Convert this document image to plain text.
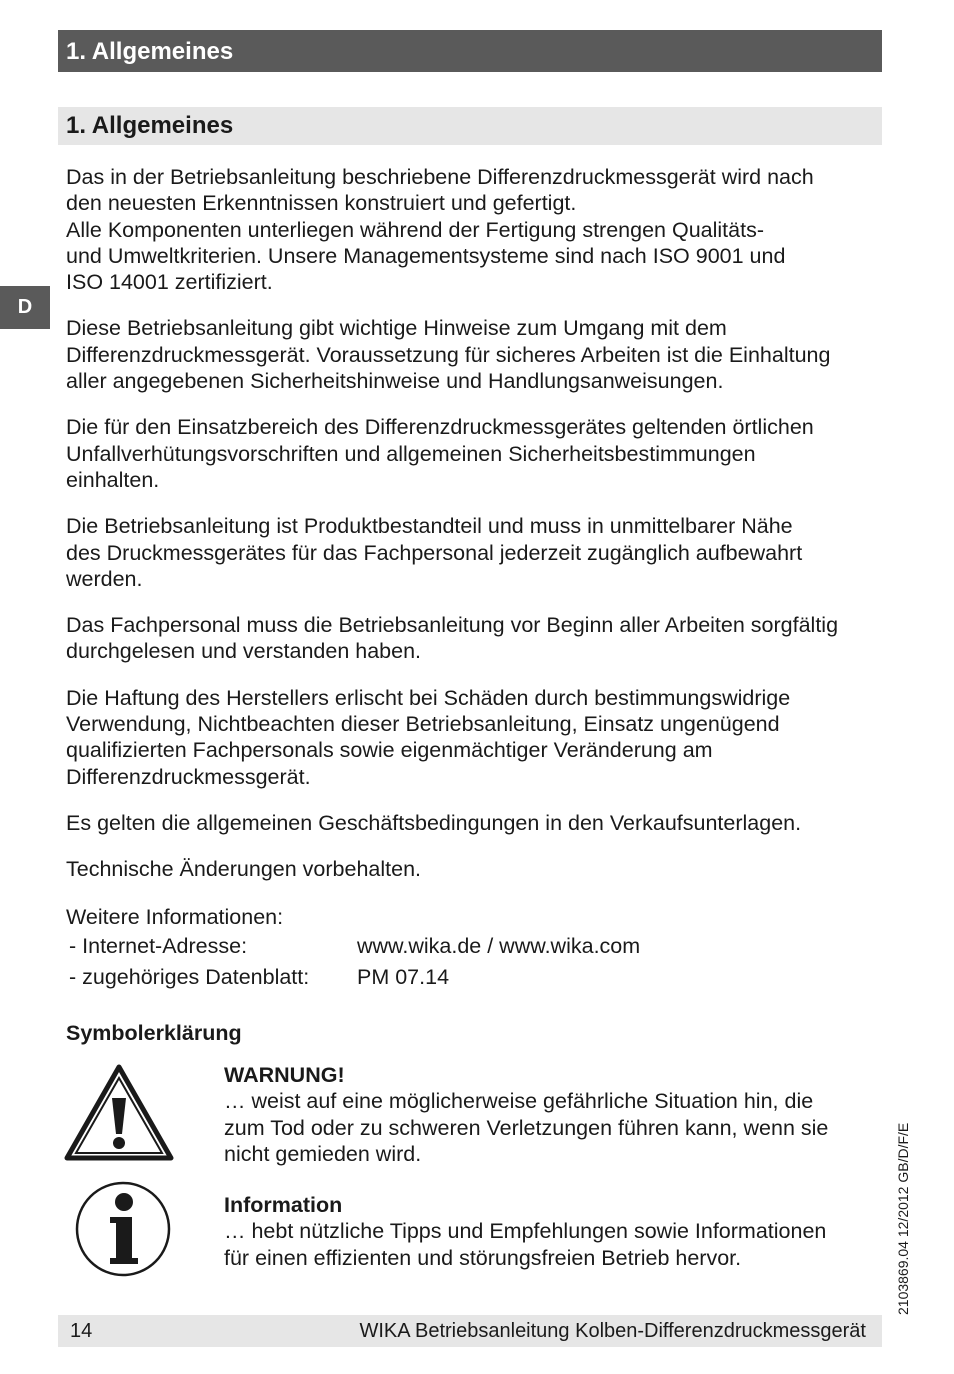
1. Allgemeines
1. Allgemeines
D

Das in der Betriebsanleitung beschriebene Differenzdruckmessgerät wird nach
den neuesten Erkenntnissen konstruiert und gefertigt.
Alle Komponenten unterliegen während der Fertigung strengen Qualitäts-
und Umweltkriterien. Unsere Managementsysteme sind nach ISO 9001 und
ISO 14001 zertifiziert.

Diese Betriebsanleitung gibt wichtige Hinweise zum Umgang mit dem
Differenzdruckmessgerät. Voraussetzung für sicheres Arbeiten ist die Einhaltung
aller angegebenen Sicherheitshinweise und Handlungsanweisungen.

Die für den Einsatzbereich des Differenzdruckmessgerätes geltenden örtlichen
Unfallverhütungsvorschriften und allgemeinen Sicherheitsbestimmungen
einhalten.

Die Betriebsanleitung ist Produktbestandteil und muss in unmittelbarer Nähe
des Druckmessgerätes für das Fachpersonal jederzeit zugänglich aufbewahrt
werden.

Das Fachpersonal muss die Betriebsanleitung vor Beginn aller Arbeiten sorgfältig
durchgelesen und verstanden haben.

Die Haftung des Herstellers erlischt bei Schäden durch bestimmungswidrige
Verwendung, Nichtbeachten dieser Betriebsanleitung, Einsatz ungenügend
qualifizierten Fachpersonals sowie eigenmächtiger Veränderung am
Differenzdruckmessgerät.

Es gelten die allgemeinen Geschäftsbedingungen in den Verkaufsunterlagen.

Technische Änderungen vorbehalten.

Weitere Informationen:
- Internet-Adresse:	www.wika.de / www.wika.com
- zugehöriges Datenblatt:	PM 07.14
Symbolerklärung
WARNUNG!
… weist auf eine möglicherweise gefährliche Situation hin, die
zum Tod oder zu schweren Verletzungen führen kann, wenn sie
nicht gemieden wird.
Information
… hebt nützliche Tipps und Empfehlungen sowie Informationen
für einen effizienten und störungsfreien Betrieb hervor.	2103869.04 12/2012 GB/D/F/E
14	WIKA Betriebsanleitung Kolben-Differenzdruckmessgerät
